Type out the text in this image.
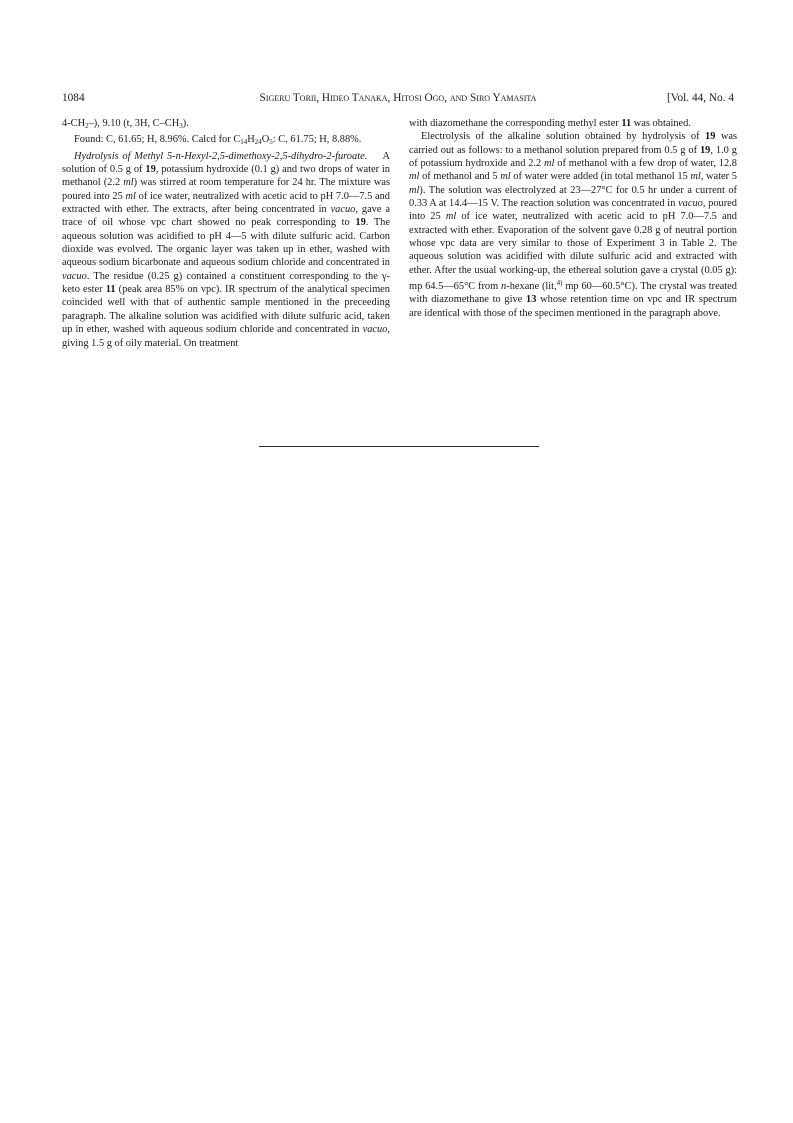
1084	Sigeru Torii, Hideo Tanaka, Hitosi Ogo, and Siro Yamasita	[Vol. 44, No. 4

$4-CH_2-$), 9.10 (t, 3H, $C-CH_3$).

Found: C, 61.65; H, 8.96%. Calcd for $C_{14}H_{24}O_5$: C, 61.75; H, 8.88%.

Hydrolysis of Methyl 5-n-Hexyl-2,5-dimethoxy-2,5-dihydro-2-furoate. A solution of 0.5 g of 19, potassium hydroxide (0.1 g) and two drops of water in methanol (2.2 ml) was stirred at room temperature for 24 hr. The mixture was poured into 25 ml of ice water, neutralized with acetic acid to pH 7.0—7.5 and extracted with ether. The extracts, after being concentrated in vacuo, gave a trace of oil whose vpc chart showed no peak corresponding to 19. The aqueous solution was acidified to pH 4—5 with dilute sulfuric acid. Carbon dioxide was evolved. The organic layer was taken up in ether, washed with aqueous sodium bicarbonate and aqueous sodium chloride and concentrated in vacuo. The residue (0.25 g) contained a constituent corresponding to the γ-keto ester 11 (peak area 85% on vpc). IR spectrum of the analytical specimen coincided well with that of authentic sample mentioned in the preceeding paragraph. The alkaline solution was acidified with dilute sulfuric acid, taken up in ether, washed with aqueous sodium chloride and concentrated in vacuo, giving 1.5 g of oily material. On treatment

with diazomethane the corresponding methyl ester 11 was obtained.

Electrolysis of the alkaline solution obtained by hydrolysis of 19 was carried out as follows: to a methanol solution prepared from 0.5 g of 19, 1.0 g of potassium hydroxide and 2.2 ml of methanol with a few drop of water, 12.8 ml of methanol and 5 ml of water were added (in total methanol 15 ml, water 5 ml). The solution was electrolyzed at 23—27°C for 0.5 hr under a current of 0.33 A at 14.4—15 V. The reaction solution was concentrated in vacuo, poured into 25 ml of ice water, neutralized with acetic acid to pH 7.0—7.5 and extracted with ether. Evaporation of the solvent gave 0.28 g of neutral portion whose vpc data are very similar to those of Experiment 3 in Table 2. The aqueous solution was acidified with dilute sulfuric acid and extracted with ether. After the usual working-up, the ethereal solution gave a crystal (0.05 g): mp 64.5—65°C from n-hexane (lit,$^{4)}$ mp 60—60.5°C). The crystal was treated with diazomethane to give 13 whose retention time on vpc and IR spectrum are identical with those of the specimen mentioned in the paragraph above.
